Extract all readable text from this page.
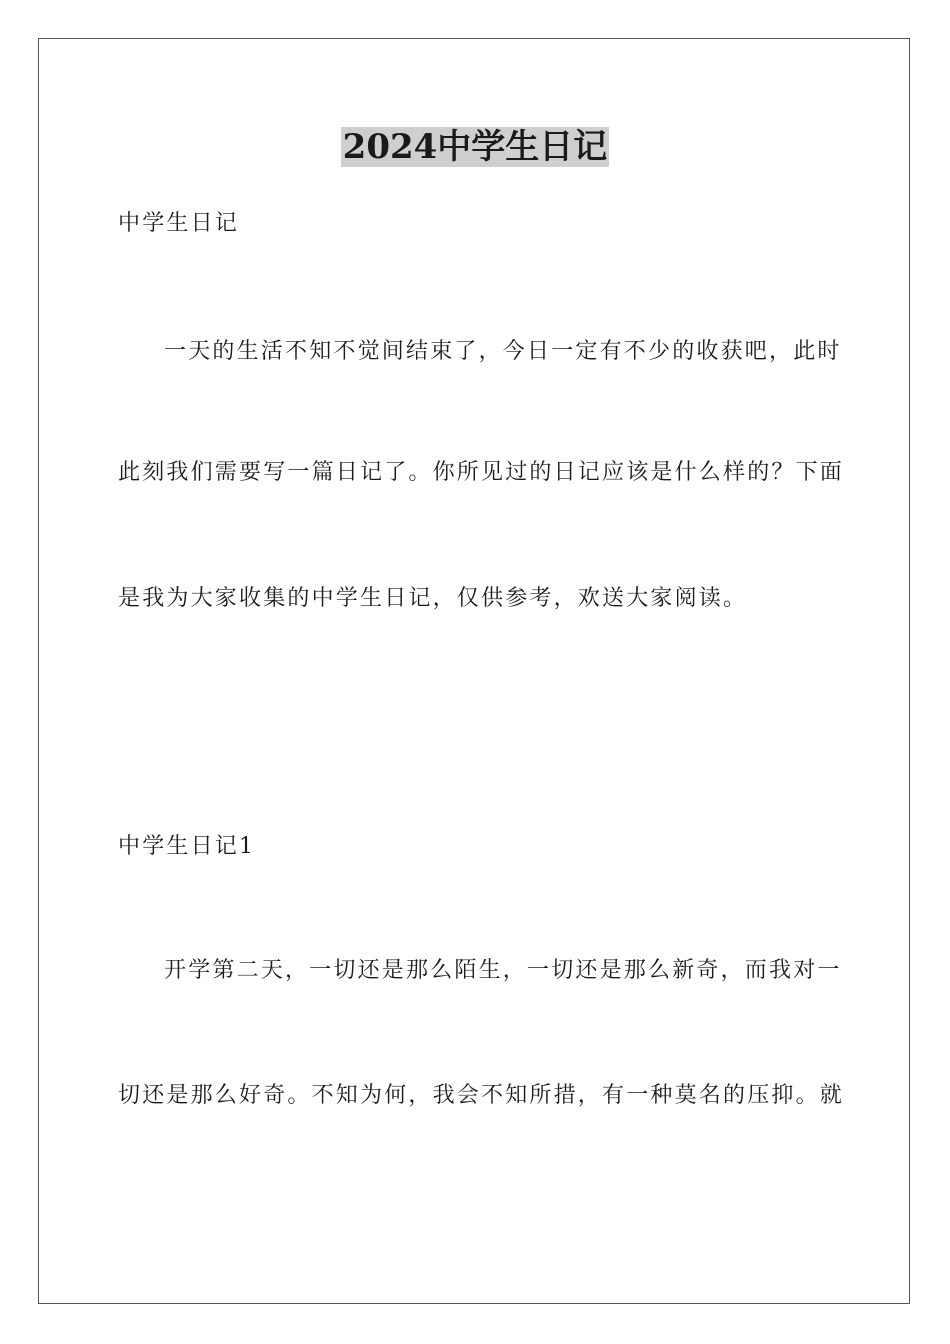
2024中学生日记
中学生日记
一天的生活不知不觉间结束了，今日一定有不少的收获吧，此时
此刻我们需要写一篇日记了。你所见过的日记应该是什么样的？下面
是我为大家收集的中学生日记，仅供参考，欢送大家阅读。
中学生日记1
开学第二天，一切还是那么陌生，一切还是那么新奇，而我对一
切还是那么好奇。不知为何，我会不知所措，有一种莫名的压抑。就
